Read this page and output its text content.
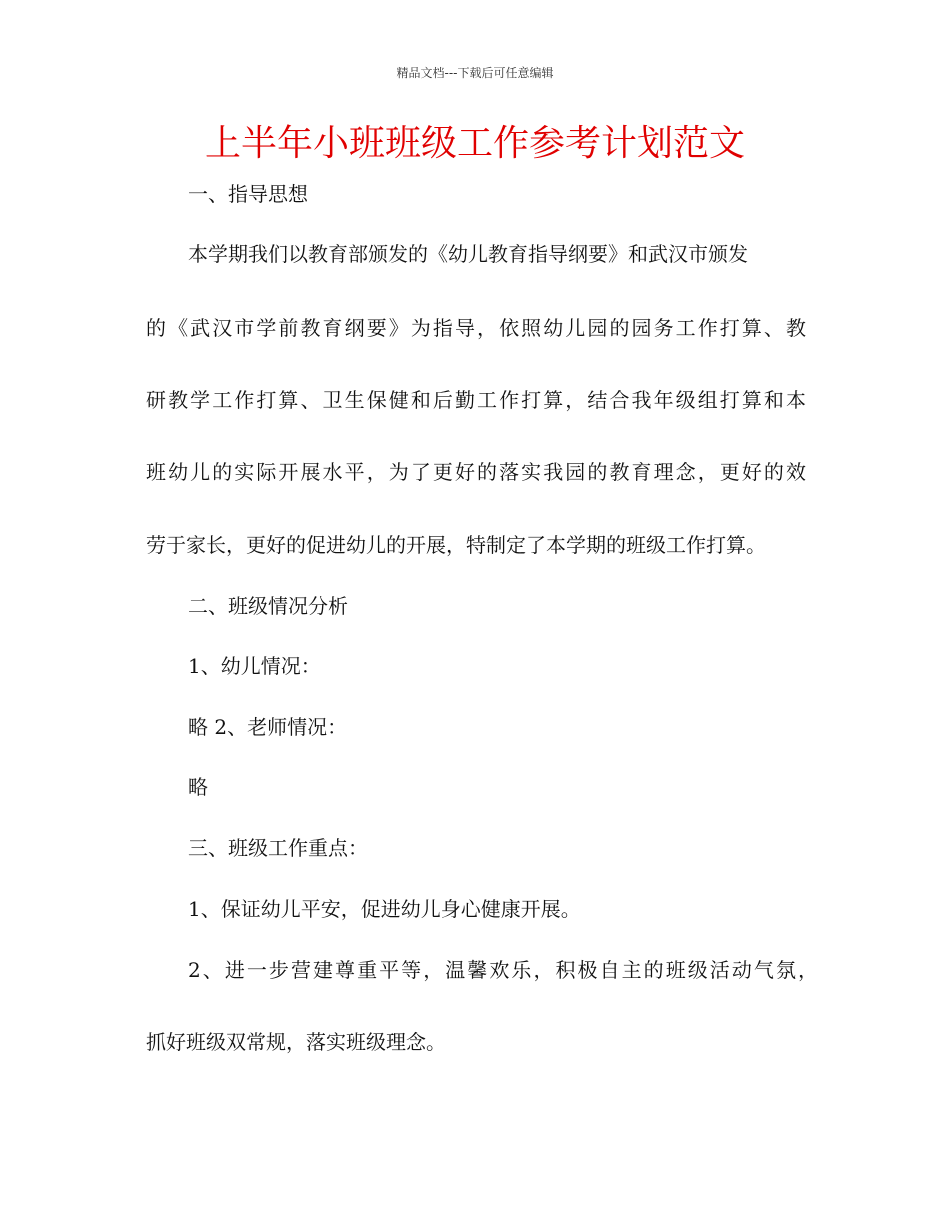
精品文档---下载后可任意编辑
上半年小班班级工作参考计划范文
一、指导思想
本学期我们以教育部颁发的《幼儿教育指导纲要》和武汉市颁发
的《武汉市学前教育纲要》为指导，依照幼儿园的园务工作打算、教
研教学工作打算、卫生保健和后勤工作打算，结合我年级组打算和本
班幼儿的实际开展水平，为了更好的落实我园的教育理念，更好的效
劳于家长，更好的促进幼儿的开展，特制定了本学期的班级工作打算。
二、班级情况分析
1、幼儿情况：
略 2、老师情况：
略
三、班级工作重点：
1、保证幼儿平安，促进幼儿身心健康开展。
2、进一步营建尊重平等，温馨欢乐，积极自主的班级活动气氛，
抓好班级双常规，落实班级理念。
